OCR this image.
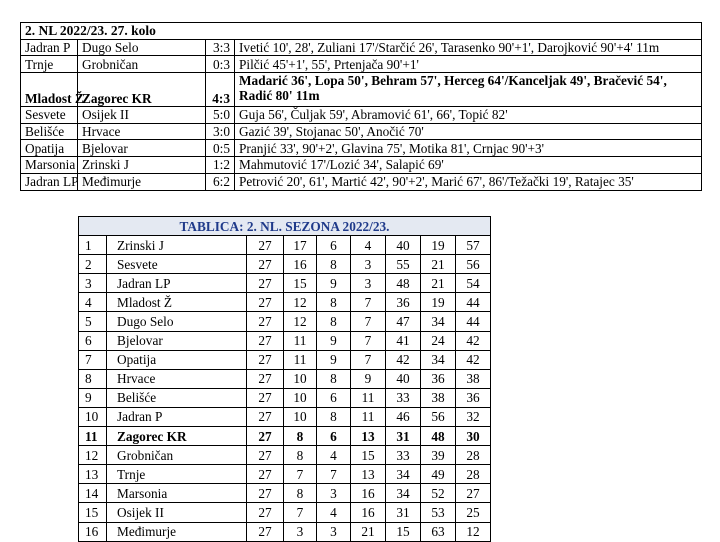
2. NL 2022/23. 27. kolo			
Jadran P	Dugo Selo	3:3	Ivetić 10', 28', Zuliani 17'/Starčić 26', Tarasenko 90'+1', Darojković 90'+4' 11m
Trnje	Grobničan	0:3	Pilčić 45'+1', 55', Prtenjača 90'+1'
Mladost Ž	Zagorec KR	4:3	Madarić 36', Lopa 50', Behram 57', Herceg 64'/Kanceljak 49', Bračević 54', Radić 80' 11m
Sesvete	Osijek II	5:0	Guja 56', Čuljak 59', Abramović 61', 66', Topić 82'
Belišće	Hrvace	3:0	Gazić 39', Stojanac 50', Anočić 70'
Opatija	Bjelovar	0:5	Pranjić 33', 90'+2', Glavina 75', Motika 81', Crnjac 90'+3'
Marsonia	Zrinski J	1:2	Mahmutović 17'/Lozić 34', Salapić 69'
Jadran LP	Međimurje	6:2	Petrović 20', 61', Martić 42', 90'+2', Marić 67', 86'/Težački 19', Ratajec 35'
TABLICA: 2. NL. SEZONA 2022/23.								
1	Zrinski J	27	17	6	4	40	19	57
2	Sesvete	27	16	8	3	55	21	56
3	Jadran LP	27	15	9	3	48	21	54
4	Mladost Ž	27	12	8	7	36	19	44
5	Dugo Selo	27	12	8	7	47	34	44
6	Bjelovar	27	11	9	7	41	24	42
7	Opatija	27	11	9	7	42	34	42
8	Hrvace	27	10	8	9	40	36	38
9	Belišće	27	10	6	11	33	38	36
10	Jadran P	27	10	8	11	46	56	32
11	Zagorec KR	27	8	6	13	31	48	30
12	Grobničan	27	8	4	15	33	39	28
13	Trnje	27	7	7	13	34	49	28
14	Marsonia	27	8	3	16	34	52	27
15	Osijek II	27	7	4	16	31	53	25
16	Međimurje	27	3	3	21	15	63	12
